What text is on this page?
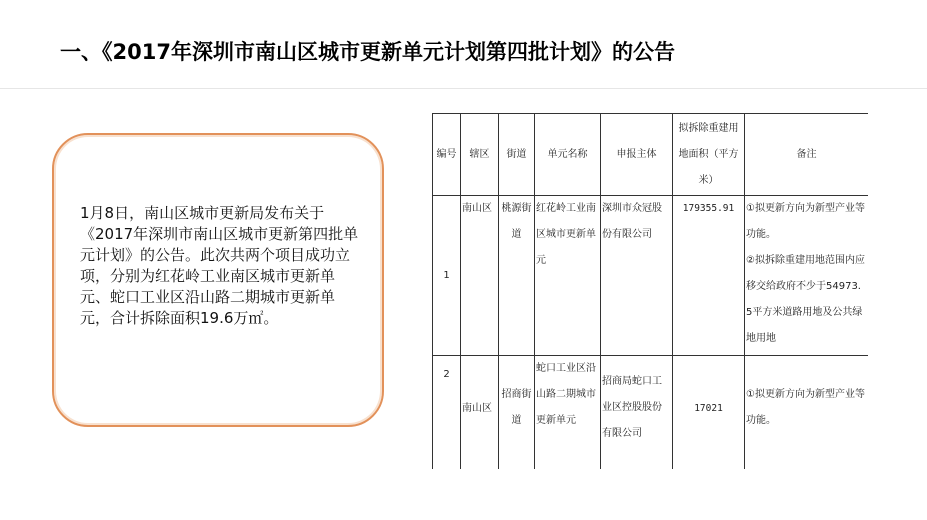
一、《2017年深圳市南山区城市更新单元计划第四批计划》的公告
1月8日，南山区城市更新局发布关于《2017年深圳市南山区城市更新第四批单元计划》的公告。此次共两个项目成功立项，分别为红花岭工业南区城市更新单元、蛇口工业区沿山路二期城市更新单元，合计拆除面积19.6万㎡。
编号	辖区	街道	单元名称	申报主体	拟拆除重建用地面积（平方米）	备注
1	南山区	桃源街道	红花岭工业南区城市更新单元	深圳市众冠股份有限公司	179355.91	①拟更新方向为新型产业等功能。
②拟拆除重建用地范围内应移交给政府不少于54973.5平方米道路用地及公共绿地用地

2	南山区	招商街道	蛇口工业区沿山路二期城市更新单元	招商局蛇口工业区控股股份有限公司	17021	①拟更新方向为新型产业等功能。
